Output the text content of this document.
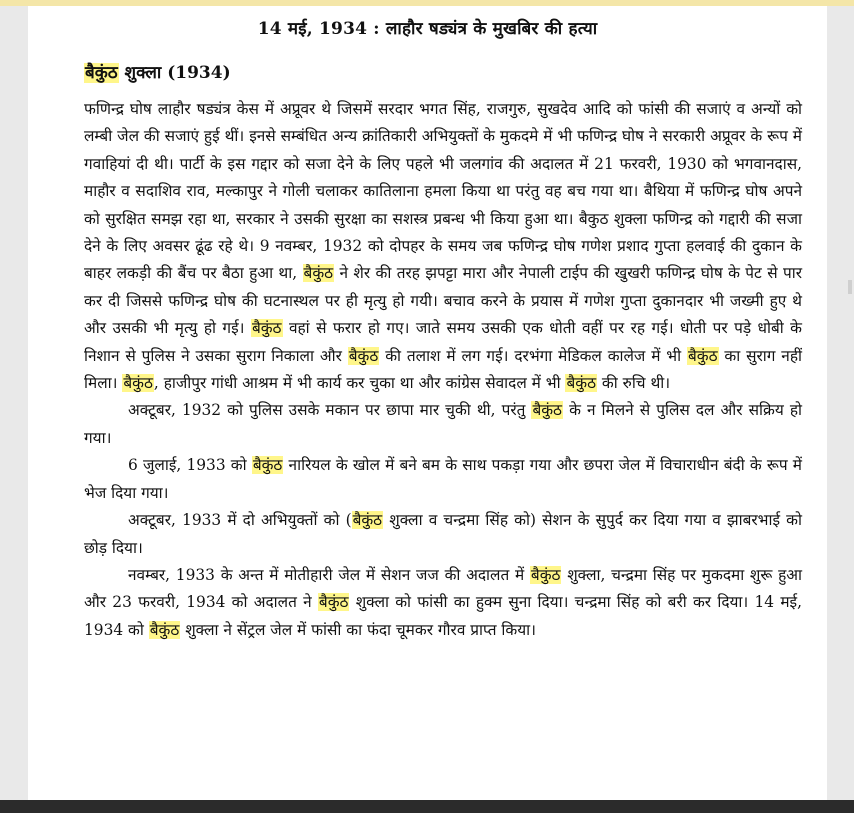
14 मई, 1934 : लाहौर षड्यंत्र के मुखबिर की हत्या
बैकुंठ शुक्ला (1934)

फणिन्द्र घोष लाहौर षड्यंत्र केस में अप्रूवर थे जिसमें सरदार भगत सिंह, राजगुरु, सुखदेव आदि को फांसी की सजाएं व अन्यों को लम्बी जेल की सजाएं हुई थीं। इनसे सम्बंधित अन्य क्रांतिकारी अभियुक्तों के मुकदमे में भी फणिन्द्र घोष ने सरकारी अप्रूवर के रूप में गवाहियां दी थी। पार्टी के इस गद्दार को सजा देने के लिए पहले भी जलगांव की अदालत में 21 फरवरी, 1930 को भगवानदास, माहौर व सदाशिव राव, मल्कापुर ने गोली चलाकर कातिलाना हमला किया था परंतु वह बच गया था। बैथिया में फणिन्द्र घोष अपने को सुरक्षित समझ रहा था, सरकार ने उसकी सुरक्षा का सशस्त्र प्रबन्ध भी किया हुआ था। बैकुठ शुक्ला फणिन्द्र को गद्दारी की सजा देने के लिए अवसर ढूंढ रहे थे। 9 नवम्बर, 1932 को दोपहर के समय जब फणिन्द्र घोष गणेश प्रशाद गुप्ता हलवाई की दुकान के बाहर लकड़ी की बैंच पर बैठा हुआ था, बैकुंठ ने शेर की तरह झपट्टा मारा और नेपाली टाईप की खुखरी फणिन्द्र घोष के पेट से पार कर दी जिससे फणिन्द्र घोष की घटनास्थल पर ही मृत्यु हो गयी। बचाव करने के प्रयास में गणेश गुप्ता दुकानदार भी जख्मी हुए थे और उसकी भी मृत्यु हो गई। बैकुंठ वहां से फरार हो गए। जाते समय उसकी एक धोती वहीं पर रह गई। धोती पर पड़े धोबी के निशान से पुलिस ने उसका सुराग निकाला और बैकुंठ की तलाश में लग गई। दरभंगा मेडिकल कालेज में भी बैकुंठ का सुराग नहीं मिला। बैकुंठ, हाजीपुर गांधी आश्रम में भी कार्य कर चुका था और कांग्रेस सेवादल में भी बैकुंठ की रुचि थी।

अक्टूबर, 1932 को पुलिस उसके मकान पर छापा मार चुकी थी, परंतु बैकुंठ के न मिलने से पुलिस दल और सक्रिय हो गया।

6 जुलाई, 1933 को बैकुंठ नारियल के खोल में बने बम के साथ पकड़ा गया और छपरा जेल में विचाराधीन बंदी के रूप में भेज दिया गया।

अक्टूबर, 1933 में दो अभियुक्तों को (बैकुंठ शुक्ला व चन्द्रमा सिंह को) सेशन के सुपुर्द कर दिया गया व झाबरभाई को छोड़ दिया।

नवम्बर, 1933 के अन्त में मोतीहारी जेल में सेशन जज की अदालत में बैकुंठ शुक्ला, चन्द्रमा सिंह पर मुकदमा शुरू हुआ और 23 फरवरी, 1934 को अदालत ने बैकुंठ शुक्ला को फांसी का हुक्म सुना दिया। चन्द्रमा सिंह को बरी कर दिया। 14 मई, 1934 को बैकुंठ शुक्ला ने सेंट्रल जेल में फांसी का फंदा चूमकर गौरव प्राप्त किया।
